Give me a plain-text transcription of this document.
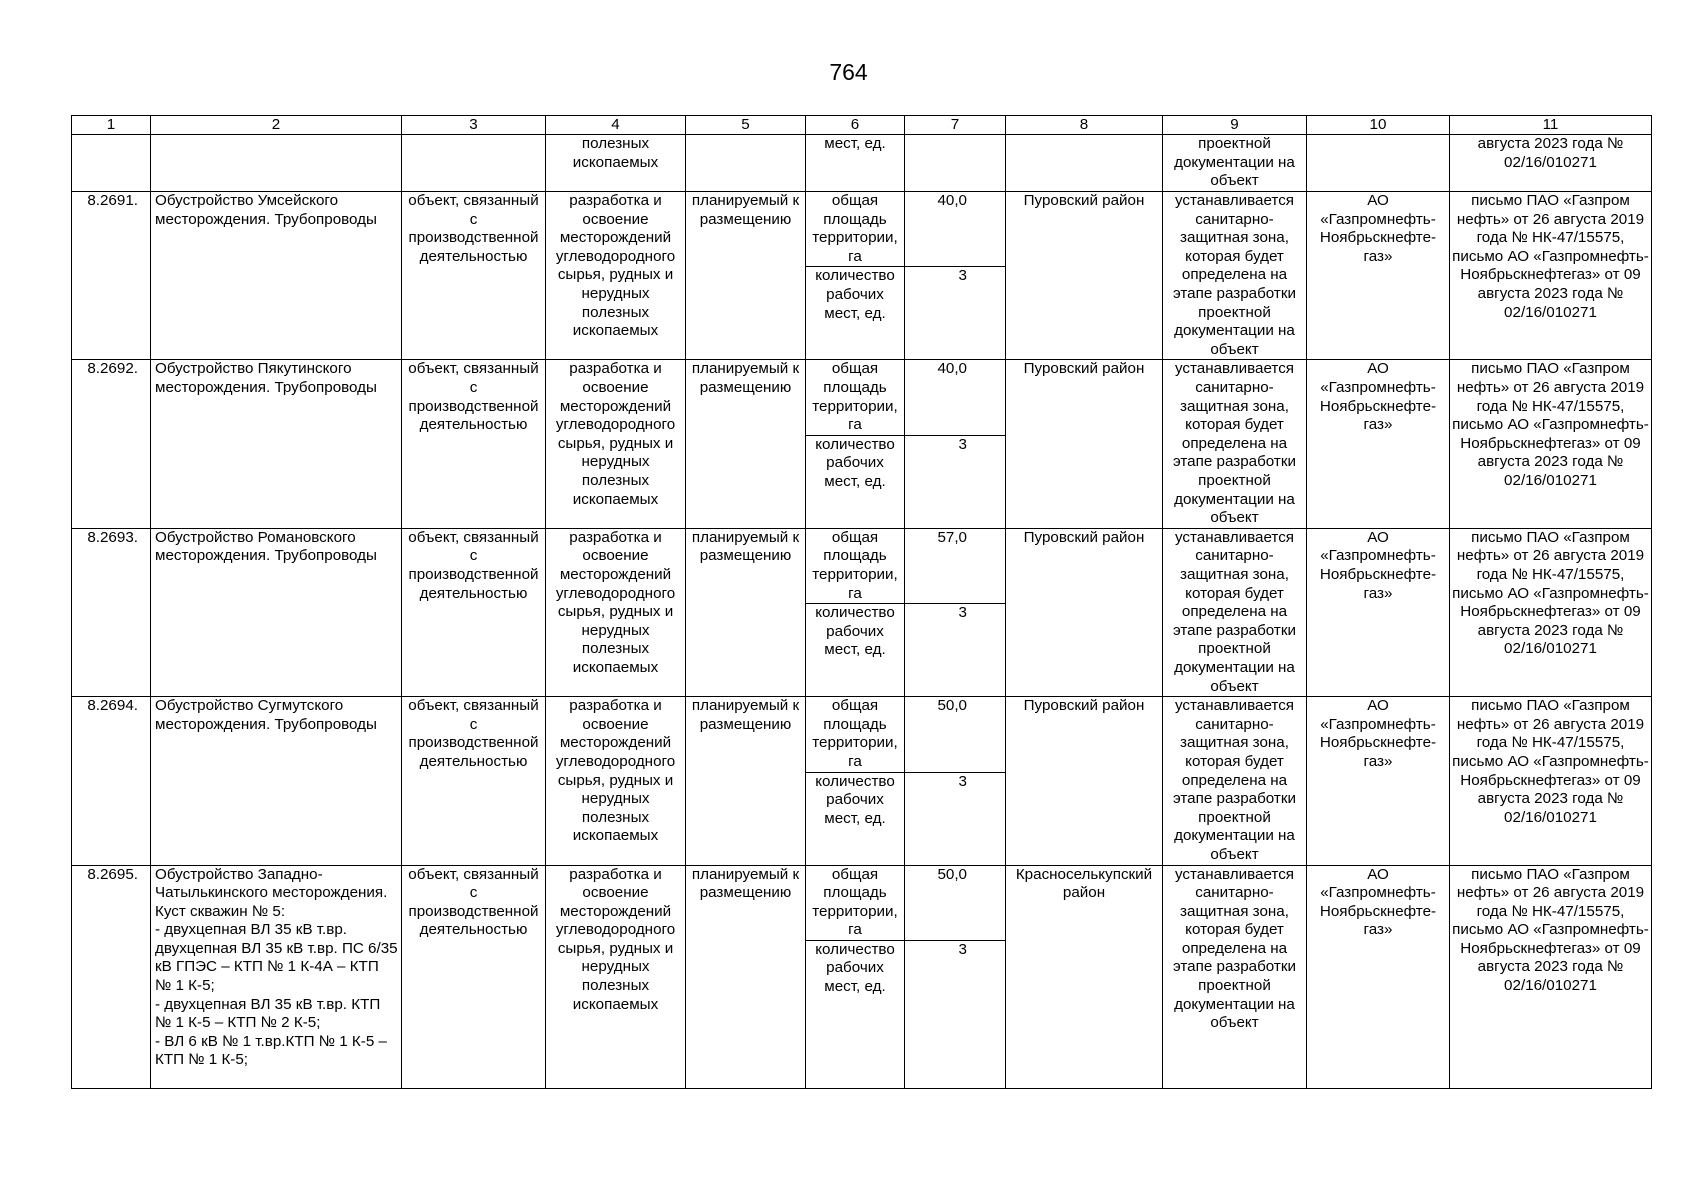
764
1	2	3	4	5	6	7	8	9	10	11
			полезных ископаемых		мест, ед.			проектной документации на объект		августа 2023 года № 02/16/010271
8.2691.	Обустройство Умсейского месторождения. Трубопроводы	объект, связанный с производственной деятельностью	разработка и освоение месторождений углеводородного сырья, рудных и нерудных полезных ископаемых	планируемый к размещению	общая площадь территории, га	40,0	Пуровский район	устанавливается санитарно-защитная зона, которая будет определена на этапе разработки проектной документации на объект	АО «Газпромнефть-Ноябрьскнефте-газ»	письмо ПАО «Газпром нефть» от 26 августа 2019 года № НК-47/15575, письмо АО «Газпромнефть-Ноябрьскнефтегаз» от 09 августа 2023 года № 02/16/010271
					количество рабочих мест, ед.	3				
8.2692.	Обустройство Пякутинского месторождения. Трубопроводы	объект, связанный с производственной деятельностью	разработка и освоение месторождений углеводородного сырья, рудных и нерудных полезных ископаемых	планируемый к размещению	общая площадь территории, га	40,0	Пуровский район	устанавливается санитарно-защитная зона, которая будет определена на этапе разработки проектной документации на объект	АО «Газпромнефть-Ноябрьскнефте-газ»	письмо ПАО «Газпром нефть» от 26 августа 2019 года № НК-47/15575, письмо АО «Газпромнефть-Ноябрьскнефтегаз» от 09 августа 2023 года № 02/16/010271
					количество рабочих мест, ед.	3				
8.2693.	Обустройство Романовского месторождения. Трубопроводы	объект, связанный с производственной деятельностью	разработка и освоение месторождений углеводородного сырья, рудных и нерудных полезных ископаемых	планируемый к размещению	общая площадь территории, га	57,0	Пуровский район	устанавливается санитарно-защитная зона, которая будет определена на этапе разработки проектной документации на объект	АО «Газпромнефть-Ноябрьскнефте-газ»	письмо ПАО «Газпром нефть» от 26 августа 2019 года № НК-47/15575, письмо АО «Газпромнефть-Ноябрьскнефтегаз» от 09 августа 2023 года № 02/16/010271
					количество рабочих мест, ед.	3				
8.2694.	Обустройство Сугмутского месторождения. Трубопроводы	объект, связанный с производственной деятельностью	разработка и освоение месторождений углеводородного сырья, рудных и нерудных полезных ископаемых	планируемый к размещению	общая площадь территории, га	50,0	Пуровский район	устанавливается санитарно-защитная зона, которая будет определена на этапе разработки проектной документации на объект	АО «Газпромнефть-Ноябрьскнефте-газ»	письмо ПАО «Газпром нефть» от 26 августа 2019 года № НК-47/15575, письмо АО «Газпромнефть-Ноябрьскнефтегаз» от 09 августа 2023 года № 02/16/010271
					количество рабочих мест, ед.	3				
8.2695.	Обустройство Западно-Чатылькинского месторождения. Куст скважин № 5:
- двухцепная ВЛ 35 кВ т.вр. двухцепная ВЛ 35 кВ т.вр. ПС 6/35 кВ ГПЭС – КТП № 1 К-4А – КТП № 1 К-5;
- двухцепная ВЛ 35 кВ т.вр. КТП № 1 К-5 – КТП № 2 К-5;
- ВЛ 6 кВ № 1 т.вр.КТП № 1 К-5 – КТП № 1 К-5;	объект, связанный с производственной деятельностью	разработка и освоение месторождений углеводородного сырья, рудных и нерудных полезных ископаемых	планируемый к размещению	общая площадь территории, га	50,0	Красноселькупский район	устанавливается санитарно-защитная зона, которая будет определена на этапе разработки проектной документации на объект	АО «Газпромнефть-Ноябрьскнефте-газ»	письмо ПАО «Газпром нефть» от 26 августа 2019 года № НК-47/15575, письмо АО «Газпромнефть-Ноябрьскнефтегаз» от 09 августа 2023 года № 02/16/010271
					количество рабочих мест, ед.	3				
